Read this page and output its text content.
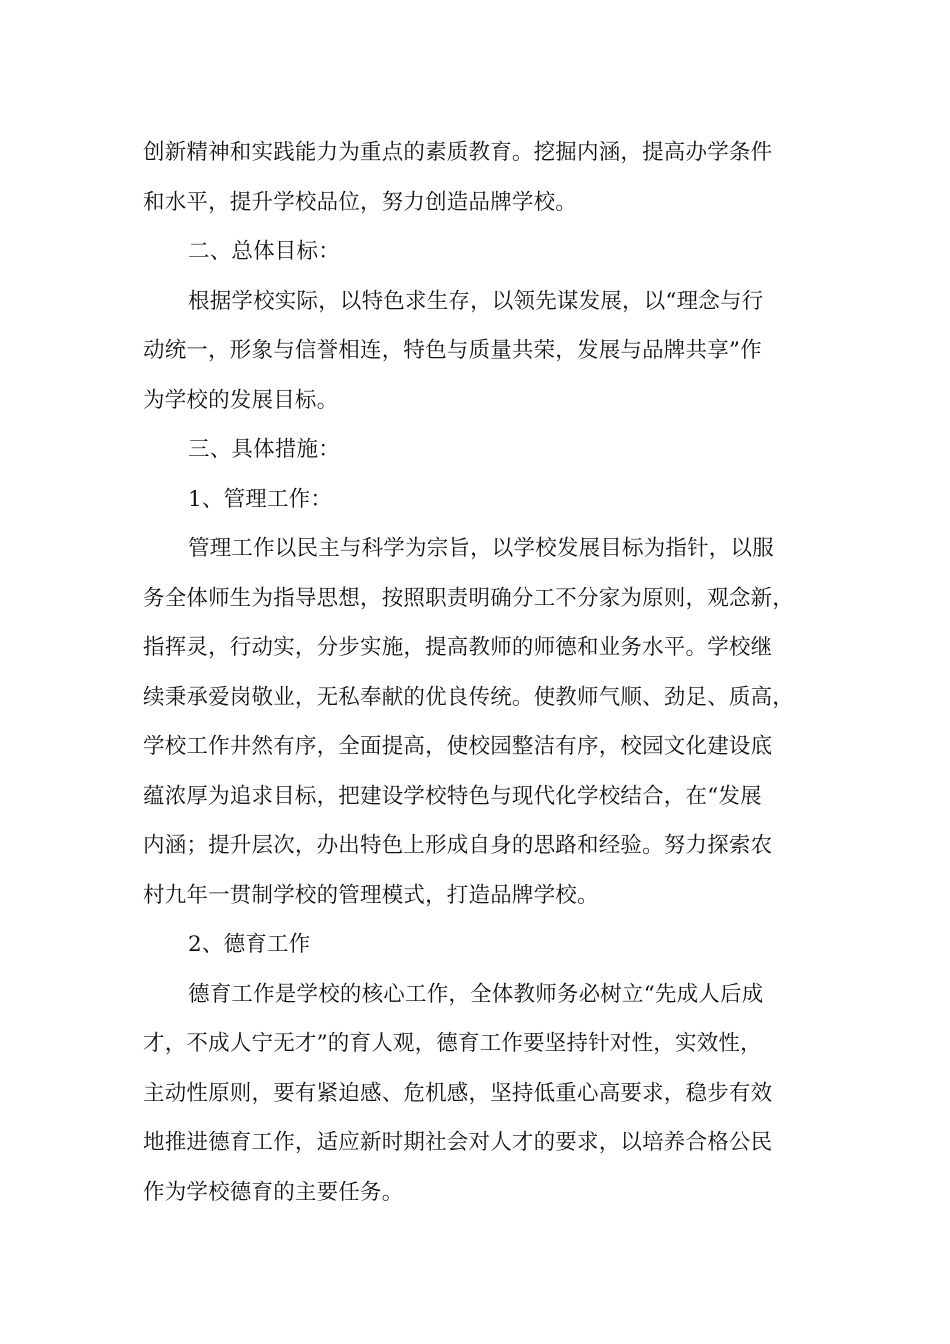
创新精神和实践能力为重点的素质教育。挖掘内涵，提高办学条件
和水平，提升学校品位，努力创造品牌学校。
二、总体目标：
根据学校实际，以特色求生存，以领先谋发展，以“理念与行
动统一，形象与信誉相连，特色与质量共荣，发展与品牌共享”作
为学校的发展目标。
三、具体措施：
1、管理工作：
管理工作以民主与科学为宗旨，以学校发展目标为指针，以服
务全体师生为指导思想，按照职责明确分工不分家为原则，观念新，
指挥灵，行动实，分步实施，提高教师的师德和业务水平。学校继
续秉承爱岗敬业，无私奉献的优良传统。使教师气顺、劲足、质高，
学校工作井然有序，全面提高，使校园整洁有序，校园文化建设底
蕴浓厚为追求目标，把建设学校特色与现代化学校结合，在“发展
内涵；提升层次，办出特色上形成自身的思路和经验。努力探索农
村九年一贯制学校的管理模式，打造品牌学校。
2、德育工作
德育工作是学校的核心工作，全体教师务必树立“先成人后成
才，不成人宁无才”的育人观，德育工作要坚持针对性，实效性，
主动性原则，要有紧迫感、危机感，坚持低重心高要求，稳步有效
地推进德育工作，适应新时期社会对人才的要求，以培养合格公民
作为学校德育的主要任务。
